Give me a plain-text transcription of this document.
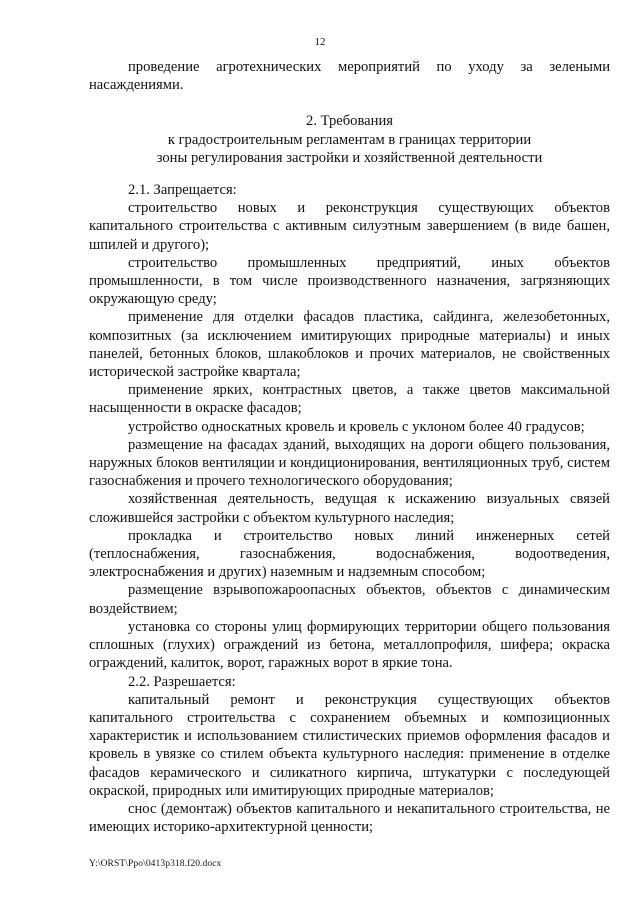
12

проведение агротехнических мероприятий по уходу за зелеными насаждениями.

2. Требования
к градостроительным регламентам в границах территории
зоны регулирования застройки и хозяйственной деятельности

2.1. Запрещается:

строительство новых и реконструкция существующих объектов капитального строительства с активным силуэтным завершением (в виде башен, шпилей и другого);

строительство промышленных предприятий, иных объектов промышленности, в том числе производственного назначения, загрязняющих окружающую среду;

применение для отделки фасадов пластика, сайдинга, железобетонных, композитных (за исключением имитирующих природные материалы) и иных панелей, бетонных блоков, шлакоблоков и прочих материалов, не свойственных исторической застройке квартала;

применение ярких, контрастных цветов, а также цветов максимальной насыщенности в окраске фасадов;

устройство односкатных кровель и кровель с уклоном более 40 градусов;

размещение на фасадах зданий, выходящих на дороги общего пользования, наружных блоков вентиляции и кондиционирования, вентиляционных труб, систем газоснабжения и прочего технологического оборудования;

хозяйственная деятельность, ведущая к искажению визуальных связей сложившейся застройки с объектом культурного наследия;

прокладка и строительство новых линий инженерных сетей (теплоснабжения, газоснабжения, водоснабжения, водоотведения, электроснабжения и других) наземным и надземным способом;

размещение взрывопожароопасных объектов, объектов с динамическим воздействием;

установка со стороны улиц формирующих территории общего пользования сплошных (глухих) ограждений из бетона, металлопрофиля, шифера; окраска ограждений, калиток, ворот, гаражных ворот в яркие тона.

2.2. Разрешается:

капитальный ремонт и реконструкция существующих объектов капитального строительства с сохранением объемных и композиционных характеристик и использованием стилистических приемов оформления фасадов и кровель в увязке со стилем объекта культурного наследия: применение в отделке фасадов керамического и силикатного кирпича, штукатурки с последующей окраской, природных или имитирующих природные материалов;

снос (демонтаж) объектов капитального и некапитального строительства, не имеющих историко-архитектурной ценности;

Y:\ORST\Ppo\0413p318.f20.docx
